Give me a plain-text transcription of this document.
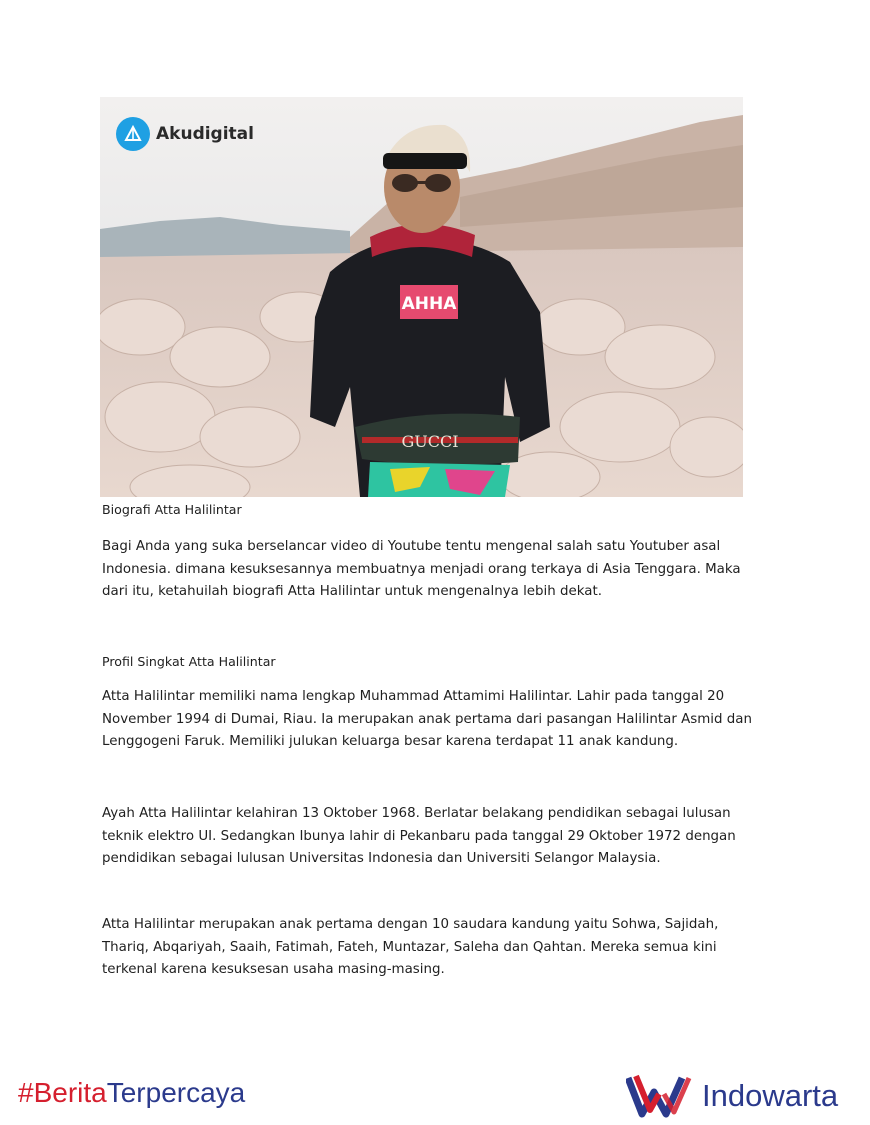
AHHA
GUCCI
Akudigital
Biografi Atta Halilintar
Bagi Anda yang suka berselancar video di Youtube tentu mengenal salah satu Youtuber asal Indonesia. dimana kesuksesannya membuatnya menjadi orang terkaya di Asia Tenggara. Maka dari itu, ketahuilah biografi Atta Halilintar untuk mengenalnya lebih dekat.
Profil Singkat Atta Halilintar
Atta Halilintar memiliki nama lengkap Muhammad Attamimi Halilintar. Lahir pada tanggal 20 November 1994 di Dumai, Riau. Ia merupakan anak pertama dari pasangan Halilintar Asmid dan Lenggogeni Faruk. Memiliki julukan keluarga besar karena terdapat 11 anak kandung.
Ayah Atta Halilintar kelahiran 13 Oktober 1968. Berlatar belakang pendidikan sebagai lulusan teknik elektro UI. Sedangkan Ibunya lahir di Pekanbaru pada tanggal 29 Oktober 1972 dengan pendidikan sebagai lulusan Universitas Indonesia dan Universiti Selangor Malaysia.
Atta Halilintar merupakan anak pertama dengan 10 saudara kandung yaitu Sohwa, Sajidah, Thariq, Abqariyah, Saaih, Fatimah, Fateh, Muntazar, Saleha dan Qahtan. Mereka semua kini terkenal karena kesuksesan usaha masing-masing.
#BeritaTerpercaya	Indowarta
